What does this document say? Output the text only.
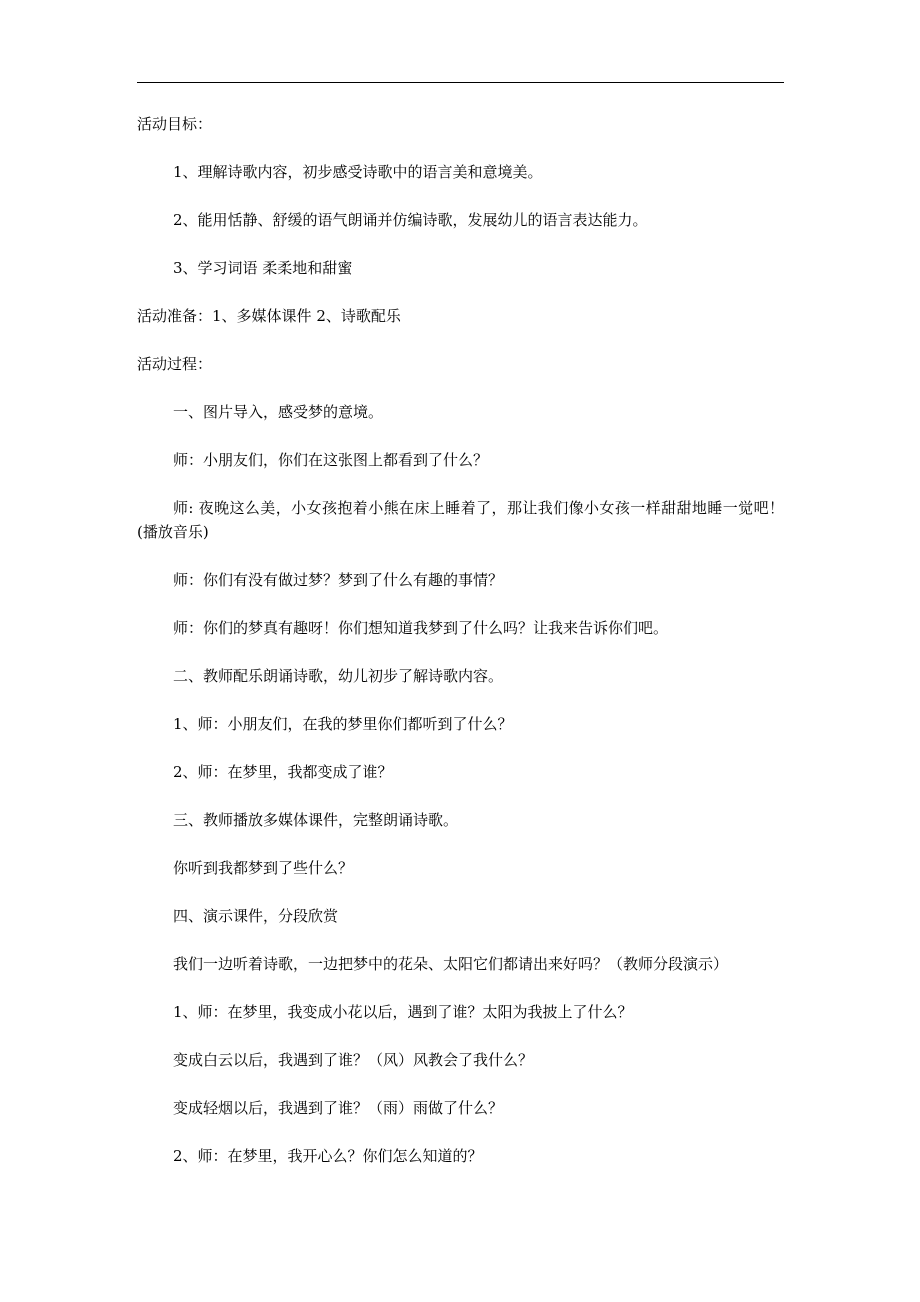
活动目标：
1、理解诗歌内容，初步感受诗歌中的语言美和意境美。
2、能用恬静、舒缓的语气朗诵并仿编诗歌，发展幼儿的语言表达能力。
3、学习词语 柔柔地和甜蜜
活动准备：1、多媒体课件 2、诗歌配乐
活动过程：
一、图片导入，感受梦的意境。
师：小朋友们，你们在这张图上都看到了什么？
师: 夜晚这么美，小女孩抱着小熊在床上睡着了，那让我们像小女孩一样甜甜地睡一觉吧！(播放音乐)
师：你们有没有做过梦？梦到了什么有趣的事情？
师：你们的梦真有趣呀！你们想知道我梦到了什么吗？让我来告诉你们吧。
二、教师配乐朗诵诗歌，幼儿初步了解诗歌内容。
1、师：小朋友们，在我的梦里你们都听到了什么？
2、师：在梦里，我都变成了谁？
三、教师播放多媒体课件，完整朗诵诗歌。
你听到我都梦到了些什么？
四、演示课件，分段欣赏
我们一边听着诗歌，一边把梦中的花朵、太阳它们都请出来好吗？（教师分段演示）
1、师：在梦里，我变成小花以后，遇到了谁？太阳为我披上了什么？
变成白云以后，我遇到了谁？（风）风教会了我什么？
变成轻烟以后，我遇到了谁？（雨）雨做了什么？
2、师：在梦里，我开心么？你们怎么知道的？
